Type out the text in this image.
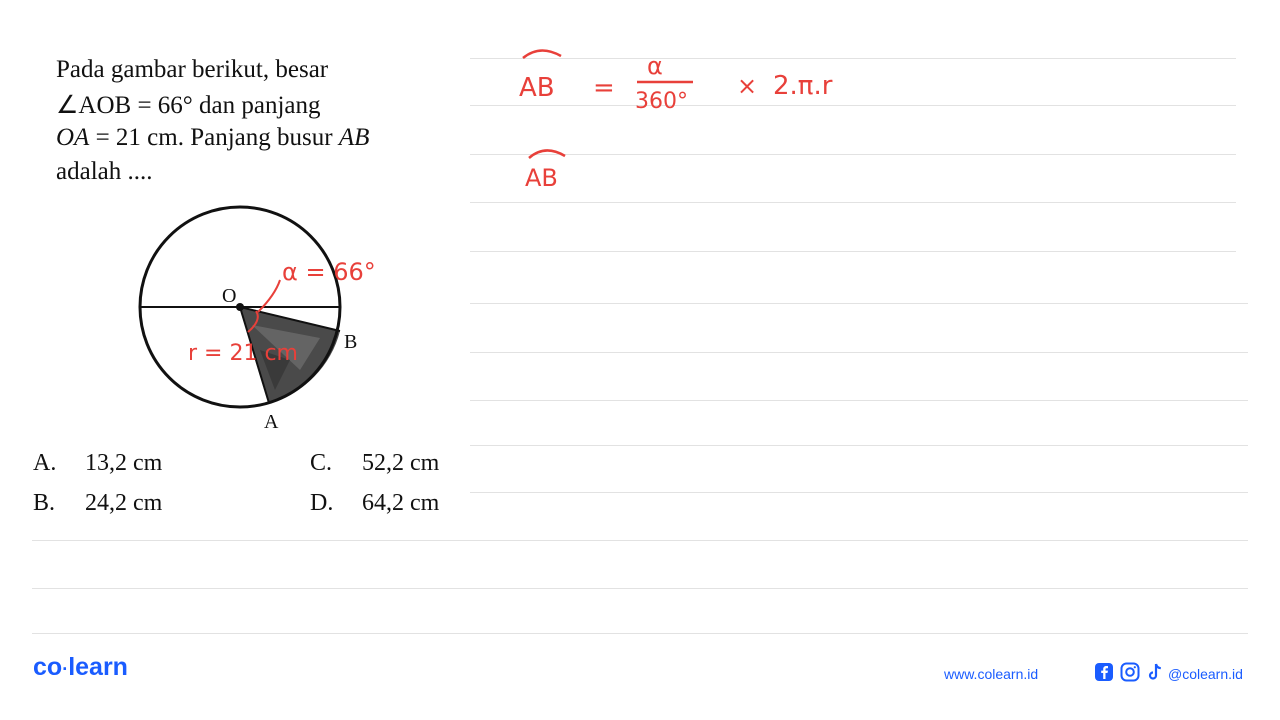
Pada gambar berikut, besar
∠AOB = 66° dan panjang
OA = 21 cm. Panjang busur AB
adalah ....
O
B
A
α = 66°
r = 21 cm
A. 13,2 cm
B. 24,2 cm
C. 52,2 cm
D. 64,2 cm
AB =
α
360°
× 2.π.r
AB
co·learn	www.colearn.id	@colearn.id
